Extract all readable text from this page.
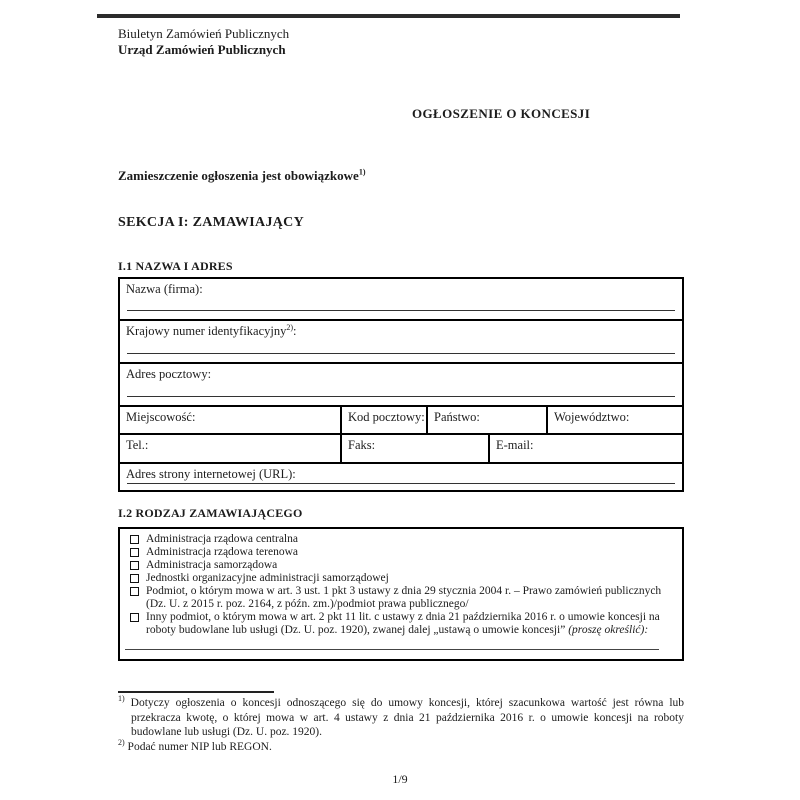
Biuletyn Zamówień Publicznych
Urząd Zamówień Publicznych
OGŁOSZENIE O KONCESJI
Zamieszczenie ogłoszenia jest obowiązkowe$^{1)}$
SEKCJA I: ZAMAWIAJĄCY
I.1 NAZWA I ADRES
Nazwa (firma):
Krajowy numer identyfikacyjny$^{2)}$:
Adres pocztowy:
Miejscowość:	Kod pocztowy: Państwo:	Województwo:
Tel.:	Faks:	E-mail:
Adres strony internetowej (URL):
I.2 RODZAJ ZAMAWIAJĄCEGO
Administracja rządowa centralna
Administracja rządowa terenowa
Administracja samorządowa
Jednostki organizacyjne administracji samorządowej
Podmiot, o którym mowa w art. 3 ust. 1 pkt 3 ustawy z dnia 29 stycznia 2004 r. – Prawo zamówień publicznych (Dz. U. z 2015 r. poz. 2164, z późn. zm.)/podmiot prawa publicznego/
Inny podmiot, o którym mowa w art. 2 pkt 11 lit. c ustawy z dnia 21 października 2016 r. o umowie koncesji na roboty budowlane lub usługi (Dz. U. poz. 1920), zwanej dalej „ustawą o umowie koncesji” (proszę określić):
$^{1)}$ Dotyczy ogłoszenia o koncesji odnoszącego się do umowy koncesji, której szacunkowa wartość jest równa lub przekracza kwotę, o której mowa w art. 4 ustawy z dnia 21 października 2016 r. o umowie koncesji na roboty budowlane lub usługi (Dz. U. poz. 1920).
$^{2)}$ Podać numer NIP lub REGON.
1/9
